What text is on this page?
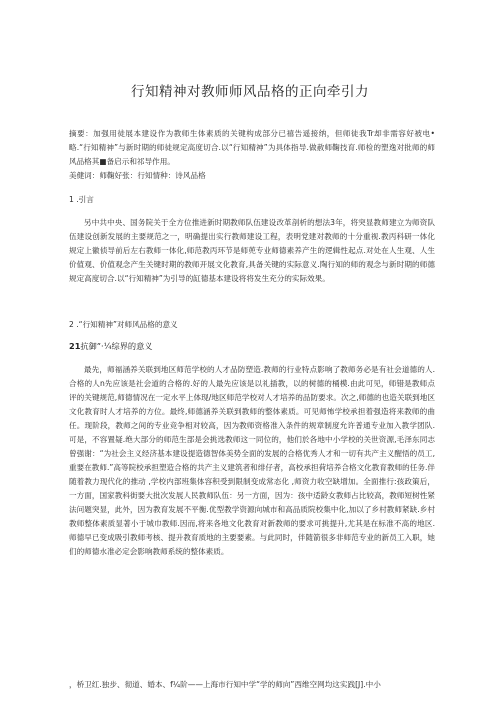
行知精神对教师师风品格的正向牵引力

摘要：加强用徒展本建设作为教师生体素质的关键构成部分已禧告遥接纳，但师徒我Tr却非需容好被电•略.“行知精神”与新时期的师徒规定高度切合.以“行知精神”为具体指导.做赦师鞠技育.师检的塑逸对批师的师风品格其■备启示和祁导作用。

美健词：师鞠好张：行知情种：诗风品格

1 .引言

另中共中央、国务院关于全方位推进新时期教师队伍建设改革剖析的想法3年，将突显教师建立为师资队伍建设创新发展的主要规范之一，明确提出实行教师建设工程，表明党建对教师的十分重视.教丙科研一体化规定上徽侦导前后左右教师一体化,师范教丙环节是师蔸专业师德素养产生的逻辑性起点.对处在人生观、人生价值观、价值观念产生关键时期的教师开展文化教育,具备关键的实际意义.陶行知的师的观念与新时期的师德规定高度切合.以“行知精神”为引导的缸德基本建设将将发生充分的实际效果。

2 .“行知精神”对师风品格的意义
21抗御”·¼综界的意义

最先，师福涵养关联到地区师范学校的人才品防塑造.教师的行业特点影响了教师务必是有社会道德的人.合格的人n先应该是社会道的合格的.好的人最先应该是以礼插教，以的树德的桶模.由此可见，师错是教师点评的关键规范,师德情况在一定水平上体现/地区师范学校对人才培养的品防要求。次之,师德的也造关联到地区文化教育时人才培养的方位。最终,师德涵养关联到教师的整体素质。可见师怖学校承担着强造将来教师的曲任。现阶段，教师之间的专业竞争相对较高，因为教师资格准入条件的规章制度允许普通专业加入教学团队.可是，不容置疑.绝大部分的师范生部是会挑选教师这一同位的，他们於各地中小学校的关世资源,毛泽东同志曾强谢：“为社会主义经济基本建设提造德智体美势全面的发展的合格优秀人才和一切有共产主义醒悟的员工,重要在教师.”高等院校承担塑造合格的共产主义建筑者和绯仔者，高校承担荷培养合格文化教育教师的任务.伴随着教力现代化的推动 ,学校内部班集体容积受到限制变成常态化 ,师资力收空缺增加。全面推行:孩政策后，一方面，国家教科街要大批次发展人民教师队伍：另一方面，因为：孩中适龄女教师占比较高，教师短树性紧法问题突显，此外，因为教育发展不平衡.优型教学资源向城市和高品质院校集中化,加以了乡村教师紧缺.乡村教师整体素质显著小于城巾教师.因而,将来各地文化教育对新教师的要求可挑提升,尤其是在标准不高的地区.师德早已变成吸引教师考核、提升教育质地的主要要素。与此同时，伴随箭很多非师范专业的新员工入职，她们的师德水准必定会影响教师系统的整体素质。

，桥卫红.独步、彻道、婚本、f¼阶——上海市行知中学“学的师向”西维空网均这实践[J].中小
